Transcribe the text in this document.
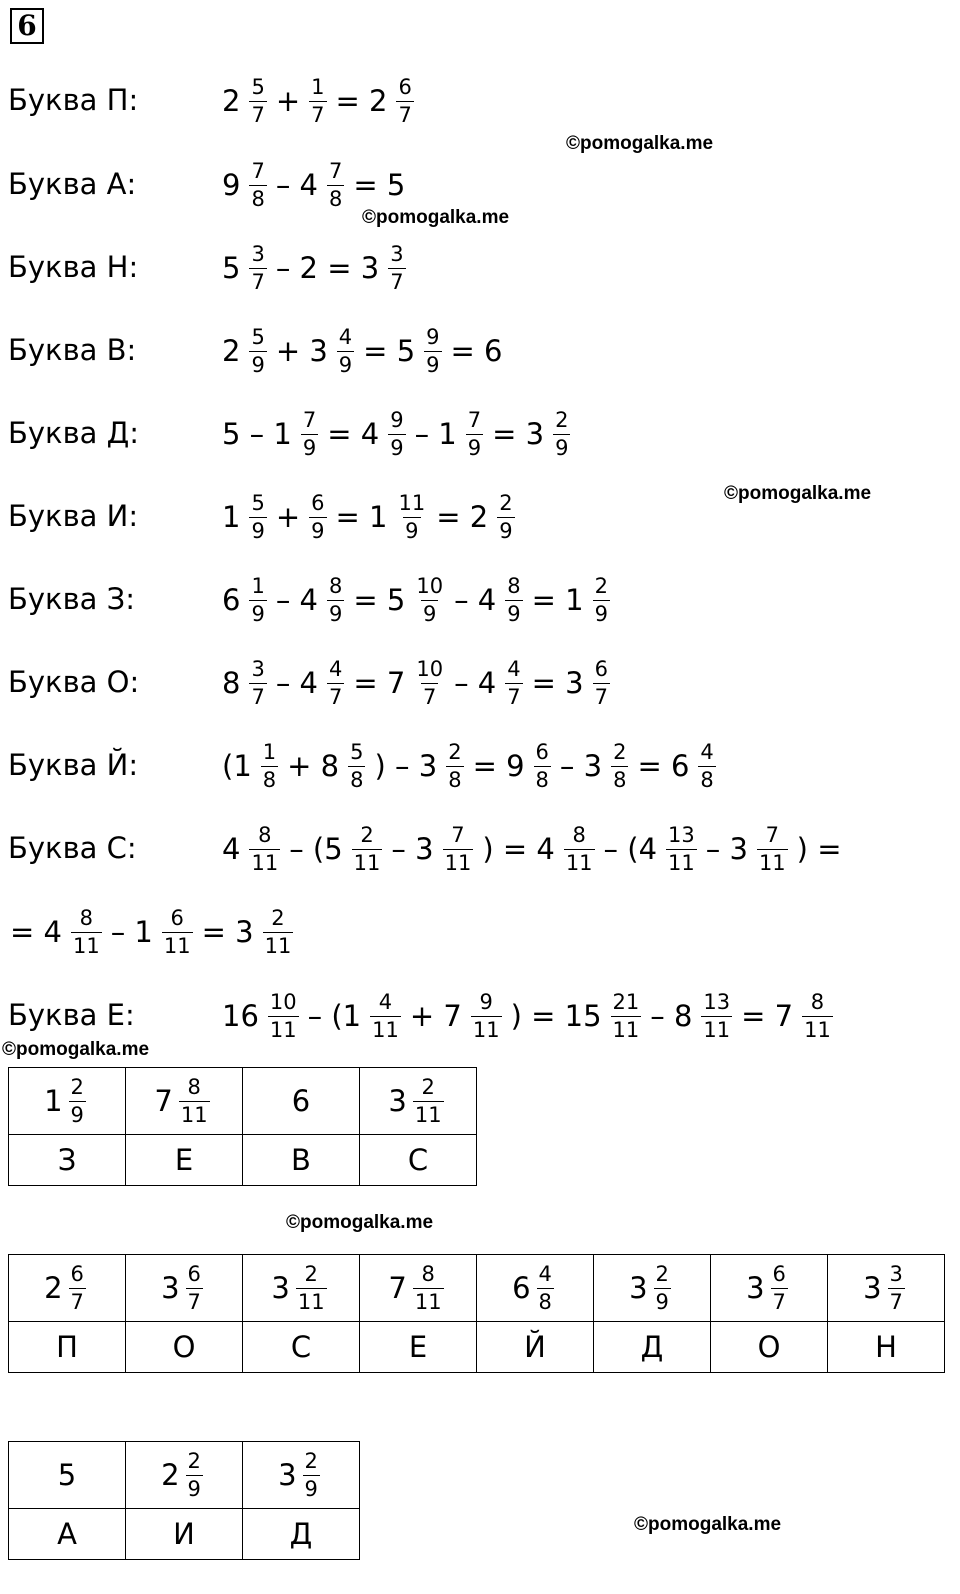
6
Буква П:	$2 \frac{5}{7} + \frac{1}{7} = 2 \frac{6}{7}$
Буква А:	$9 \frac{7}{8} - 4 \frac{7}{8} = 5$
Буква Н:	$5 \frac{3}{7} - 2 = 3 \frac{3}{7}$
Буква В:	$2 \frac{5}{9} + 3 \frac{4}{9} = 5 \frac{9}{9} = 6$
Буква Д:	$5 - 1 \frac{7}{9} = 4 \frac{9}{9} - 1 \frac{7}{9} = 3 \frac{2}{9}$
Буква И:	$1 \frac{5}{9} + \frac{6}{9} = 1 \frac{11}{9} = 2 \frac{2}{9}$
Буква З:	$6 \frac{1}{9} - 4 \frac{8}{9} = 5 \frac{10}{9} - 4 \frac{8}{9} = 1 \frac{2}{9}$
Буква О:	$8 \frac{3}{7} - 4 \frac{4}{7} = 7 \frac{10}{7} - 4 \frac{4}{7} = 3 \frac{6}{7}$
Буква Й:	($1 \frac{1}{8} + 8 \frac{5}{8}$ ) – $3 \frac{2}{8} = 9 \frac{6}{8} - 3 \frac{2}{8} = 6 \frac{4}{8}$
Буква С:	$4 \frac{8}{11} - (5 \frac{2}{11} - 3 \frac{7}{11}$ ) = $4 \frac{8}{11} - (4 \frac{13}{11} - 3 \frac{7}{11}$ ) =
= $4 \frac{8}{11} - 1 \frac{6}{11} = 3 \frac{2}{11}$
Буква Е:	$16 \frac{10}{11} - (1 \frac{4}{11} + 7 \frac{9}{11}$ ) = $15 \frac{21}{11} - 8 \frac{13}{11} = 7 \frac{8}{11}$
©pomogalka.me
©pomogalka.me
©pomogalka.me
©pomogalka.me
©pomogalka.me
©pomogalka.me
$1 \frac{2}{9}$	$7 \frac{8}{11}$	6	$3 \frac{2}{11}$

З	Е	В	С
$2 \frac{6}{7}$	$3 \frac{6}{7}$	$3 \frac{2}{11}$	$7 \frac{8}{11}$	$6 \frac{4}{8}$	$3 \frac{2}{9}$	$3 \frac{6}{7}$	$3 \frac{3}{7}$

П	О	С	Е	Й	Д	О	Н
5	$2 \frac{2}{9}$	$3 \frac{2}{9}$

А	И	Д
